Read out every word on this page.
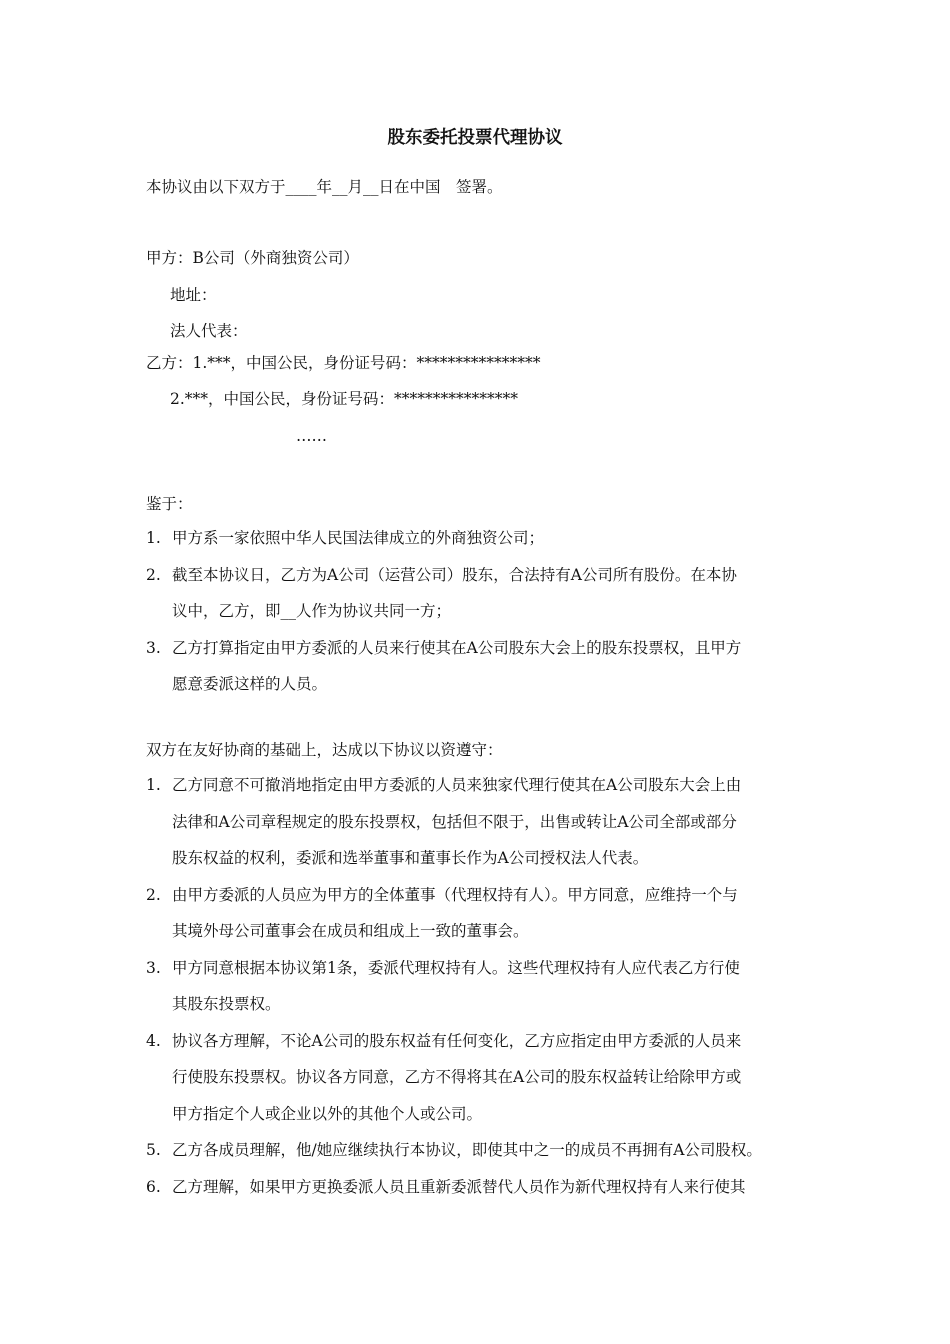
股东委托投票代理协议
本协议由以下双方于____年__月__日在中国　签署。
甲方：B公司（外商独资公司）
地址：
法人代表：
乙方：1.***，中国公民，身份证号码：****************
2.***，中国公民，身份证号码：****************
……
鉴于：
1. 甲方系一家依照中华人民国法律成立的外商独资公司；
2. 截至本协议日，乙方为A公司（运营公司）股东，合法持有A公司所有股份。在本协
议中，乙方，即__人作为协议共同一方；
3. 乙方打算指定由甲方委派的人员来行使其在A公司股东大会上的股东投票权，且甲方
愿意委派这样的人员。
双方在友好协商的基础上，达成以下协议以资遵守：
1. 乙方同意不可撤消地指定由甲方委派的人员来独家代理行使其在A公司股东大会上由
法律和A公司章程规定的股东投票权，包括但不限于，出售或转让A公司全部或部分
股东权益的权利，委派和选举董事和董事长作为A公司授权法人代表。
2. 由甲方委派的人员应为甲方的全体董事（代理权持有人）。甲方同意，应维持一个与
其境外母公司董事会在成员和组成上一致的董事会。
3. 甲方同意根据本协议第1条，委派代理权持有人。这些代理权持有人应代表乙方行使
其股东投票权。
4. 协议各方理解，不论A公司的股东权益有任何变化，乙方应指定由甲方委派的人员来
行使股东投票权。协议各方同意，乙方不得将其在A公司的股东权益转让给除甲方或
甲方指定个人或企业以外的其他个人或公司。
5. 乙方各成员理解，他/她应继续执行本协议，即使其中之一的成员不再拥有A公司股权。
6. 乙方理解，如果甲方更换委派人员且重新委派替代人员作为新代理权持有人来行使其
